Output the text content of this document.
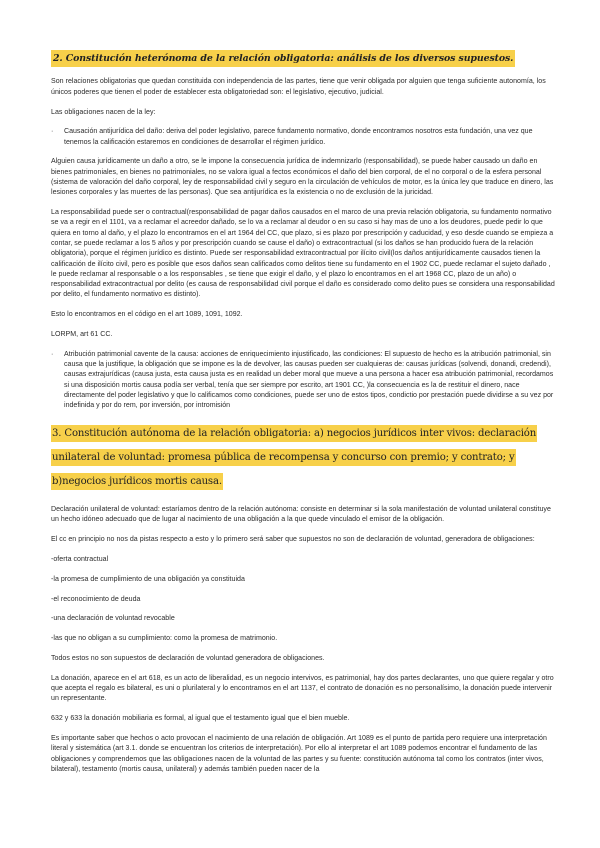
2. Constitución heterónoma de la relación obligatoria: análisis de los diversos supuestos.

Son relaciones obligatorias que quedan constituida con independencia de las partes, tiene que venir obligada por alguien que tenga suficiente autonomía, los únicos poderes que tienen el poder de establecer esta obligatoriedad son: el legislativo, ejecutivo, judicial.

Las obligaciones nacen de la ley:

·	Causación antijurídica del daño: deriva del poder legislativo, parece fundamento normativo, donde encontramos nosotros esta fundación, una vez que tenemos la calificación estaremos en condiciones de desarrollar el régimen jurídico.

Alguien causa jurídicamente un daño a otro, se le impone la consecuencia jurídica de indemnizarlo (responsabilidad), se puede haber causado un daño en bienes patrimoniales, en bienes no patrimoniales, no se valora igual a fectos económicos el daño del bien corporal, de el no corporal o de la esfera personal (sistema de valoración del daño corporal, ley de responsabilidad civil y seguro en la circulación de vehículos de motor, es la única ley que traduce en dinero, las lesiones corporales y las muertes de las personas). Que sea antijurídica es la existencia o no de exclusión de la juricidad.

La responsabilidad puede ser o contractual(responsabilidad de pagar daños causados en el marco de una previa relación obligatoria, su fundamento normativo se va a regir en el 1101, va a reclamar el acreedor dañado, se lo va a reclamar al deudor o en su caso si hay mas de uno a los deudores, puede pedir lo que quiera en torno al daño, y el plazo lo encontramos en el art 1964 del CC, que plazo, si es plazo por prescripción y caducidad, y eso desde cuando se empieza a contar, se puede reclamar a los 5 años y por prescripción cuando se cause el daño) o extracontractual (si los daños se han producido fuera de la relación obligatoria), porque el régimen jurídico es distinto. Puede ser responsabilidad extracontractual por ilícito civil(los daños antijurídicamente causados tienen la calificación de ilícito civil, pero es posible que esos daños sean calificados como delitos tiene su fundamento en el 1902 CC, puede reclamar el sujeto dañado , le puede reclamar al responsable o a los responsables , se tiene que exigir el daño, y el plazo lo encontramos en el art 1968 CC, plazo de un año) o responsabilidad extracontractual por delito (es causa de responsabilidad civil porque el daño es considerado como delito pues se considera una responsabilidad por delito, el fundamento normativo es distinto).

Esto lo encontramos en el código en el art 1089, 1091, 1092.

LORPM, art 61 CC.

·	Atribución patrimonial cavente de la causa: acciones de enriquecimiento injustificado, las condiciones: El supuesto de hecho es la atribución patrimonial, sin causa que la justifique, la obligación que se impone es la de devolver, las causas pueden ser cualquieras de: causas jurídicas (solvendi, donandi, credendi), causas extrajurídicas (causa justa, esta causa justa es en realidad un deber moral que mueve a una persona a hacer esa atribución patrimonial, recordamos si una disposición mortis causa podía ser verbal, tenía que ser siempre por escrito, art 1901 CC, )la consecuencia es la de restituir el dinero, nace directamente del poder legislativo y que lo calificamos como condiciones, puede ser uno de estos tipos, condictio por prestación puede dividirse a su vez por indefinida y por do rem, por inversión, por intromisión
3. Constitución autónoma de la relación obligatoria: a) negocios jurídicos inter vivos: declaración unilateral de voluntad: promesa pública de recompensa y concurso con premio; y contrato; y b)negocios jurídicos mortis causa.

Declaración unilateral de voluntad: estaríamos dentro de la relación autónoma: consiste en determinar si la sola manifestación de voluntad unilateral constituye un hecho idóneo adecuado que de lugar al nacimiento de una obligación a la que quede vinculado el emisor de la obligación.

El cc en principio no nos da pistas respecto a esto y lo primero será saber que supuestos no son de declaración de voluntad, generadora de obligaciones:

-oferta contractual

-la promesa de cumplimiento de una obligación ya constituida

-el reconocimiento de deuda

-una declaración de voluntad revocable

-las que no obligan a su cumplimiento: como la promesa de matrimonio.

Todos estos no son supuestos de declaración de voluntad generadora de obligaciones.

La donación, aparece en el art 618, es un acto de liberalidad, es un negocio intervivos, es patrimonial, hay dos partes declarantes, uno que quiere regalar y otro que acepta el regalo es bilateral, es uni o plurilateral y lo encontramos en el art 1137, el contrato de donación es no personalísimo, la donación puede intervenir un representante.

632 y 633 la donación mobiliaria es formal, al igual que el testamento igual que el bien mueble.

Es importante saber que hechos o acto provocan el nacimiento de una relación de obligación. Art 1089 es el punto de partida pero requiere una interpretación literal y sistemática (art 3.1. donde se encuentran los criterios de interpretación). Por ello al interpretar el art 1089 podemos encontrar el fundamento de las obligaciones y comprendemos que las obligaciones nacen de la voluntad de las partes y su fuente: constitución autónoma tal como los contratos (inter vivos, bilateral), testamento (mortis causa, unilateral) y además también pueden nacer de la
